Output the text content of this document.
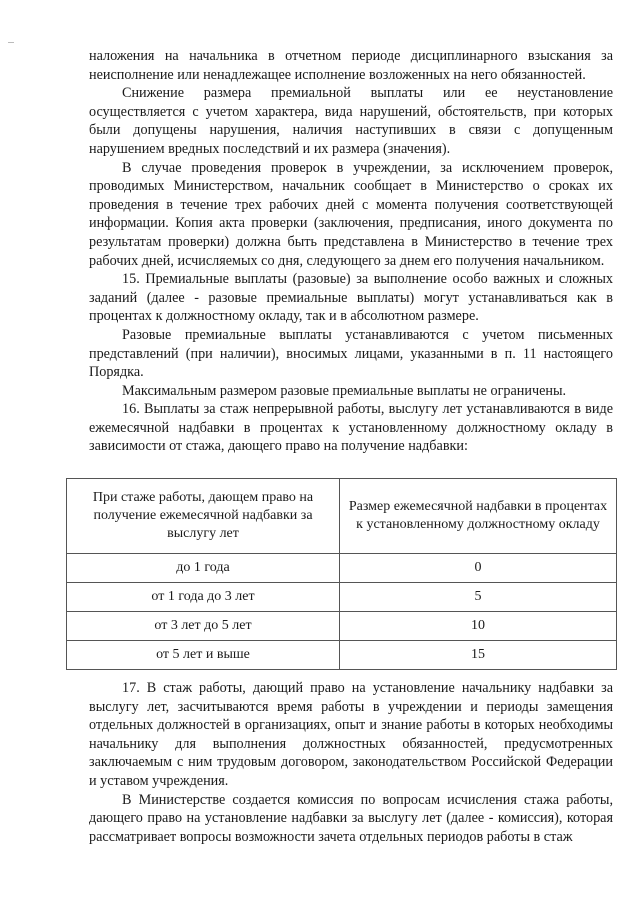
наложения на начальника в отчетном периоде дисциплинарного взыскания за неисполнение или ненадлежащее исполнение возложенных на него обязанностей.

Снижение размера премиальной выплаты или ее неустановление осуществляется с учетом характера, вида нарушений, обстоятельств, при которых были допущены нарушения, наличия наступивших в связи с допущенным нарушением вредных последствий и их размера (значения).

В случае проведения проверок в учреждении, за исключением проверок, проводимых Министерством, начальник сообщает в Министерство о сроках их проведения в течение трех рабочих дней с момента получения соответствующей информации. Копия акта проверки (заключения, предписания, иного документа по результатам проверки) должна быть представлена в Министерство в течение трех рабочих дней, исчисляемых со дня, следующего за днем его получения начальником.

15. Премиальные выплаты (разовые) за выполнение особо важных и сложных заданий (далее - разовые премиальные выплаты) могут устанавливаться как в процентах к должностному окладу, так и в абсолютном размере.

Разовые премиальные выплаты устанавливаются с учетом письменных представлений (при наличии), вносимых лицами, указанными в п. 11 настоящего Порядка.

Максимальным размером разовые премиальные выплаты не ограничены.

16. Выплаты за стаж непрерывной работы, выслугу лет устанавливаются в виде ежемесячной надбавки в процентах к установленному должностному окладу в зависимости от стажа, дающего право на получение надбавки:

При стаже работы, дающем право на получение ежемесячной надбавки за выслугу лет	Размер ежемесячной надбавки в процентах к установленному должностному окладу
до 1 года	0
от 1 года до 3 лет	5
от 3 лет до 5 лет	10
от 5 лет и выше	15

17. В стаж работы, дающий право на установление начальнику надбавки за выслугу лет, засчитываются время работы в учреждении и периоды замещения отдельных должностей в организациях, опыт и знание работы в которых необходимы начальнику для выполнения должностных обязанностей, предусмотренных заключаемым с ним трудовым договором, законодательством Российской Федерации и уставом учреждения.

В Министерстве создается комиссия по вопросам исчисления стажа работы, дающего право на установление надбавки за выслугу лет (далее - комиссия), которая рассматривает вопросы возможности зачета отдельных периодов работы в стаж
